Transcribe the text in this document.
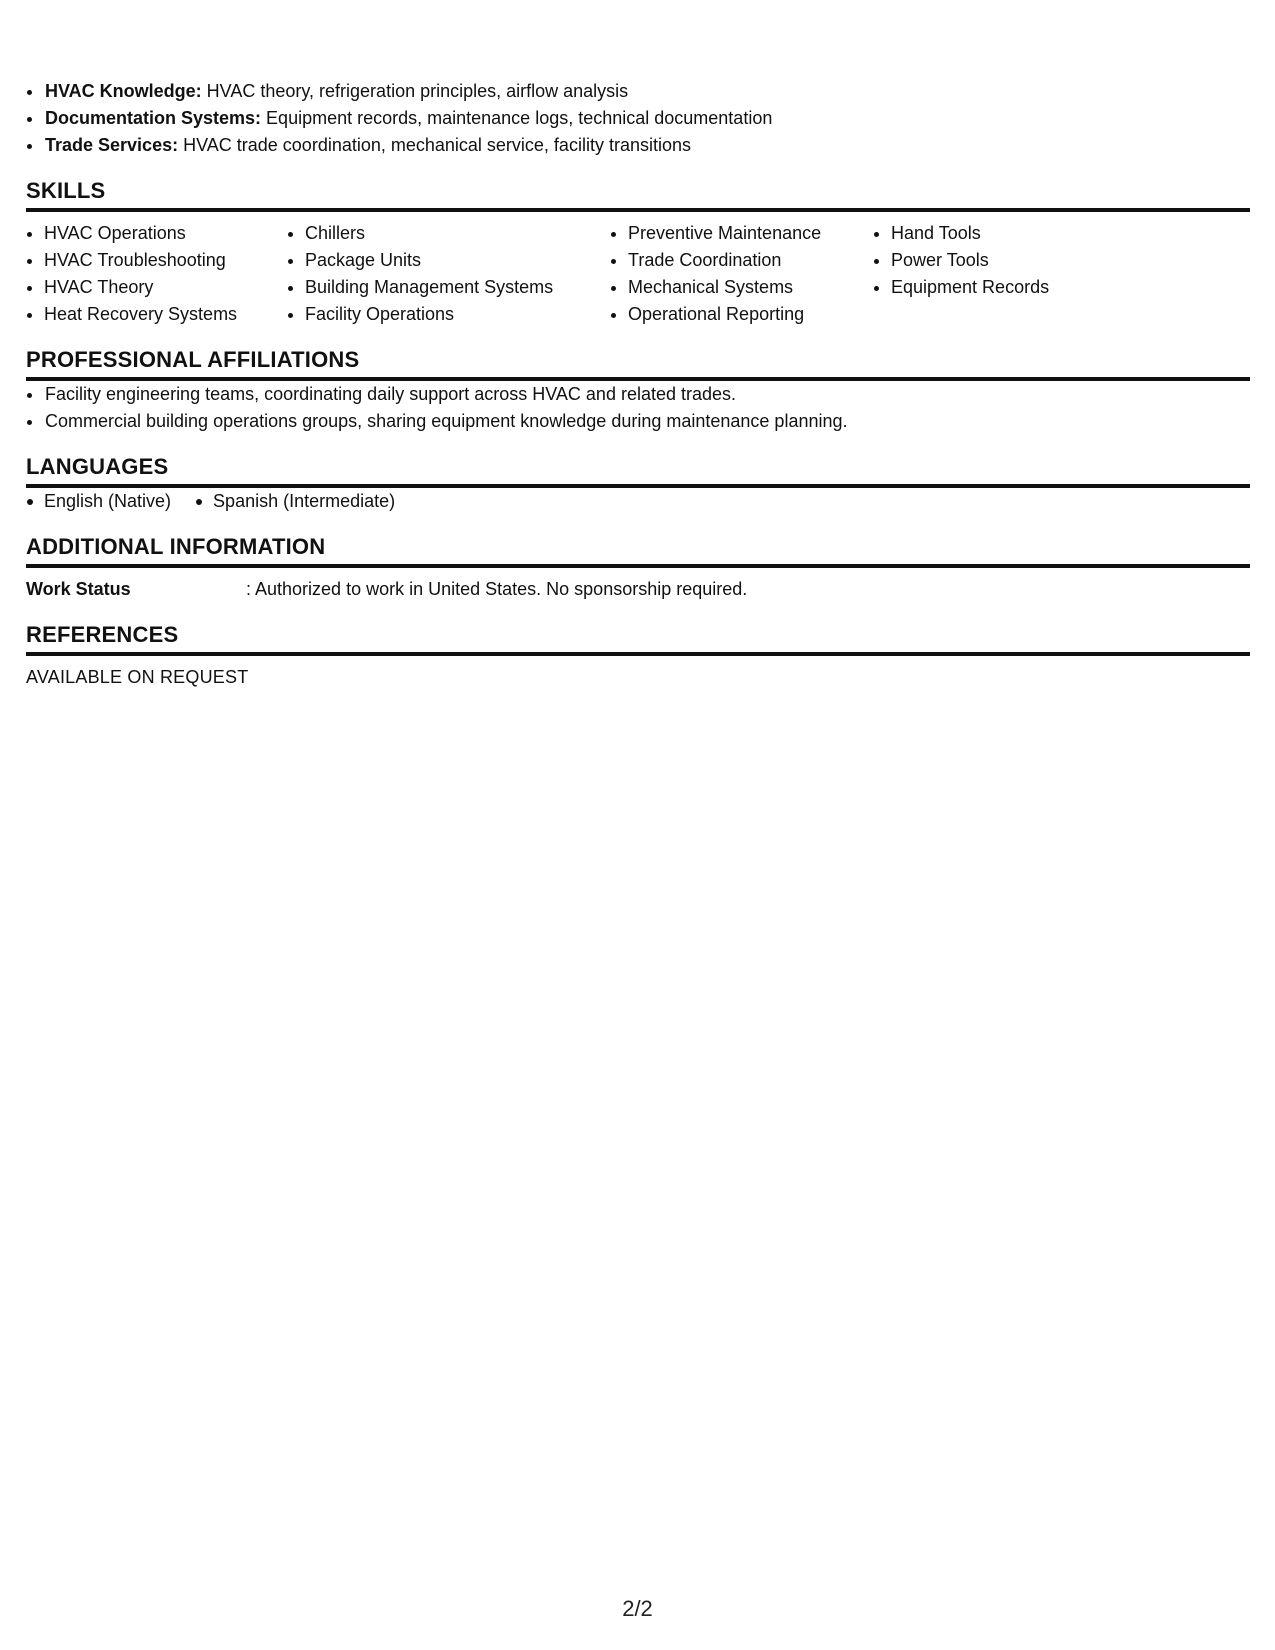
• HVAC Knowledge: HVAC theory, refrigeration principles, airflow analysis
• Documentation Systems: Equipment records, maintenance logs, technical documentation
• Trade Services: HVAC trade coordination, mechanical service, facility transitions
SKILLS
• HVAC Operations
• HVAC Troubleshooting
• HVAC Theory
• Heat Recovery Systems
• Chillers
• Package Units
• Building Management Systems
• Facility Operations
• Preventive Maintenance
• Trade Coordination
• Mechanical Systems
• Operational Reporting
• Hand Tools
• Power Tools
• Equipment Records
PROFESSIONAL AFFILIATIONS
• Facility engineering teams, coordinating daily support across HVAC and related trades.
• Commercial building operations groups, sharing equipment knowledge during maintenance planning.
LANGUAGES
English (Native)	Spanish (Intermediate)
ADDITIONAL INFORMATION
Work Status	: Authorized to work in United States. No sponsorship required.
REFERENCES
AVAILABLE ON REQUEST
2/2
